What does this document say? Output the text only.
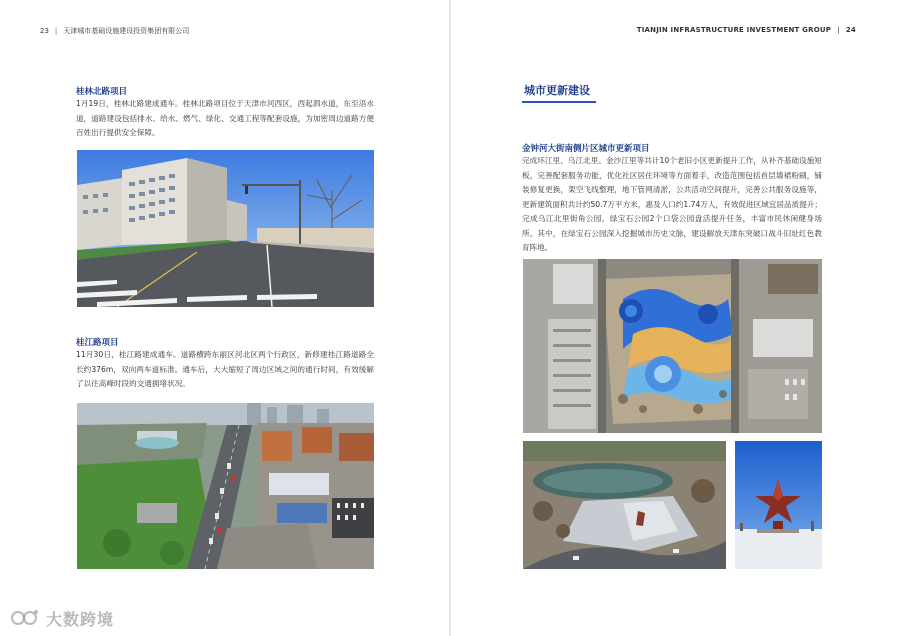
23 | 天津城市基础设施建设投资集团有限公司
桂林北路项目
1月19日，桂林北路建成通车。桂林北路项目位于天津市河西区，西起泗水道，东至浯水道，道路建设包括排水、给水、燃气、绿化、交通工程等配套设施，为加密周边道路方便百姓出行提供安全保障。
桂江路项目
11月30日，桂江路建成通车。道路横跨东丽区河北区两个行政区，新修建桂江路道路全长约376m，双向两车道标准。通车后，大大缩短了周边区域之间的通行时间，有效缓解了以往高峰时段的交通拥堵状况。
TIANJIN INFRASTRUCTURE INVESTMENT GROUP | 24
城市更新建设
金钟河大街南侧片区城市更新项目
完成环江里、乌江北里、金沙江里等共计10个老旧小区更新提升工作，从补齐基础设施短板，完善配套服务功能，优化社区居住环境等方面着手，改造范围包括首层墙裙粉刷，铺装修复更换，架空飞线整理，地下管网清淤，公共活动空间提升，完善公共服务设施等，更新建筑面积共计约50.7万平方米，惠及人口约1.74万人，有效促进区域宜居品质提升；完成乌江北里街角公园，绿宝石公园2个口袋公园盘活提升任务，丰富市民休闲健身场所。其中，在绿宝石公园深入挖掘城市历史文脉，建设解放天津东突破口战斗旧址红色教育阵地。
大数跨境
